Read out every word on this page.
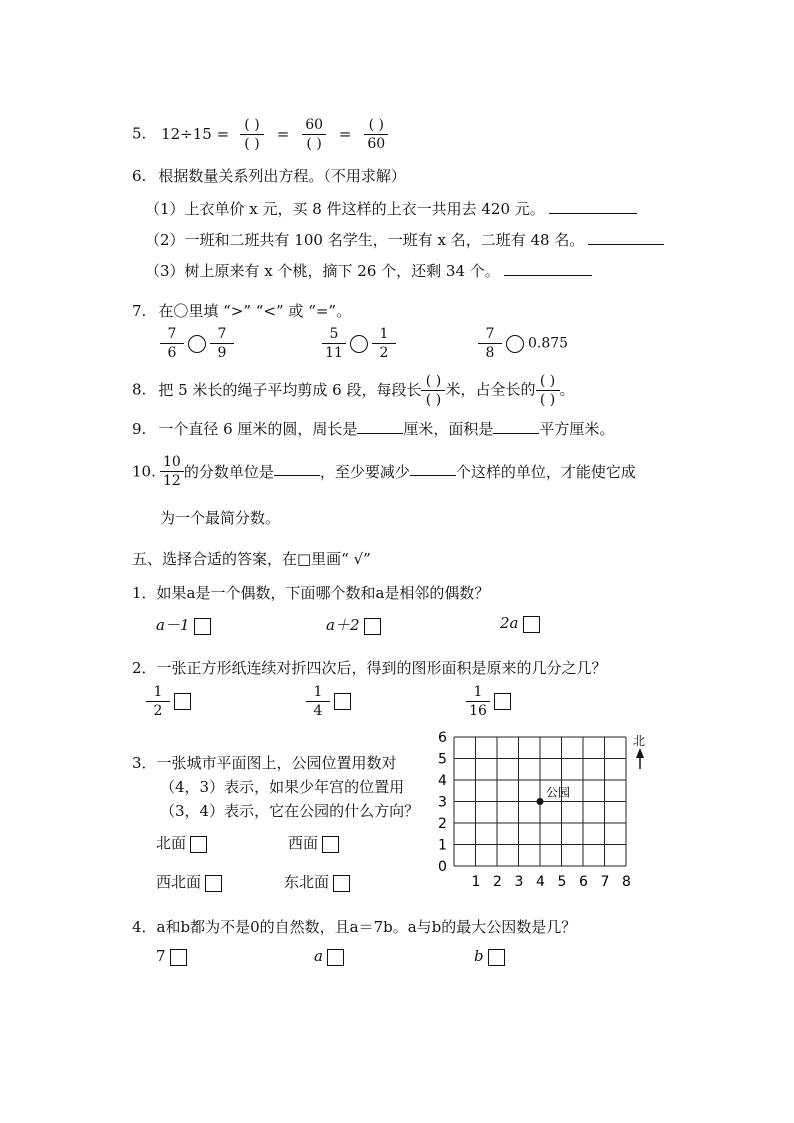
5. $12\div 15 = \frac{( )}{( )} = \frac{60}{( )} = \frac{( )}{60}$
6. 根据数量关系列出方程。（不用求解）
（1）上衣单价 x 元，买 8 件这样的上衣一共用去 420 元。
（2）一班和二班共有 100 名学生，一班有 x 名，二班有 48 名。
（3）树上原来有 x 个桃，摘下 26 个，还剩 34 个。
7. 在〇里填 “>” “<” 或 “=”。
$\frac{7}{6} \frac{7}{9}$	$\frac{5}{11} \frac{1}{2}$	$\frac{7}{8} 0.875$
8. 把 5 米长的绳子平均剪成 6 段，每段长 $\frac{( )}{( )}$ 米，占全长的 $\frac{( )}{( )}$ 。
9. 一个直径 6 厘米的圆，周长是	厘米，面积是	平方厘米。
10. $\frac{10}{12}$ 的分数单位是	，至少要减少	个这样的单位，才能使它成
为一个最简分数。
五、选择合适的答案，在□里画“ √”
1．如果a是一个偶数，下面哪个数和a是相邻的偶数？
a－1	a＋2	2a
2．一张正方形纸连续对折四次后，得到的图形面积是原来的几分之几？
$\frac{1}{2}$	$\frac{1}{4}$	$\frac{1}{16}$
3．一张城市平面图上，公园位置用数对
（4，3）表示，如果少年宫的位置用
（3，4）表示，它在公园的什么方向？
北面	西面
西北面	东北面
6
5
4
3
2
1
0
1 2 3 4 5 6 7 8
公园
北
4．a和b都为不是0的自然数，且a＝7b。a与b的最大公因数是几？
7	a	b
